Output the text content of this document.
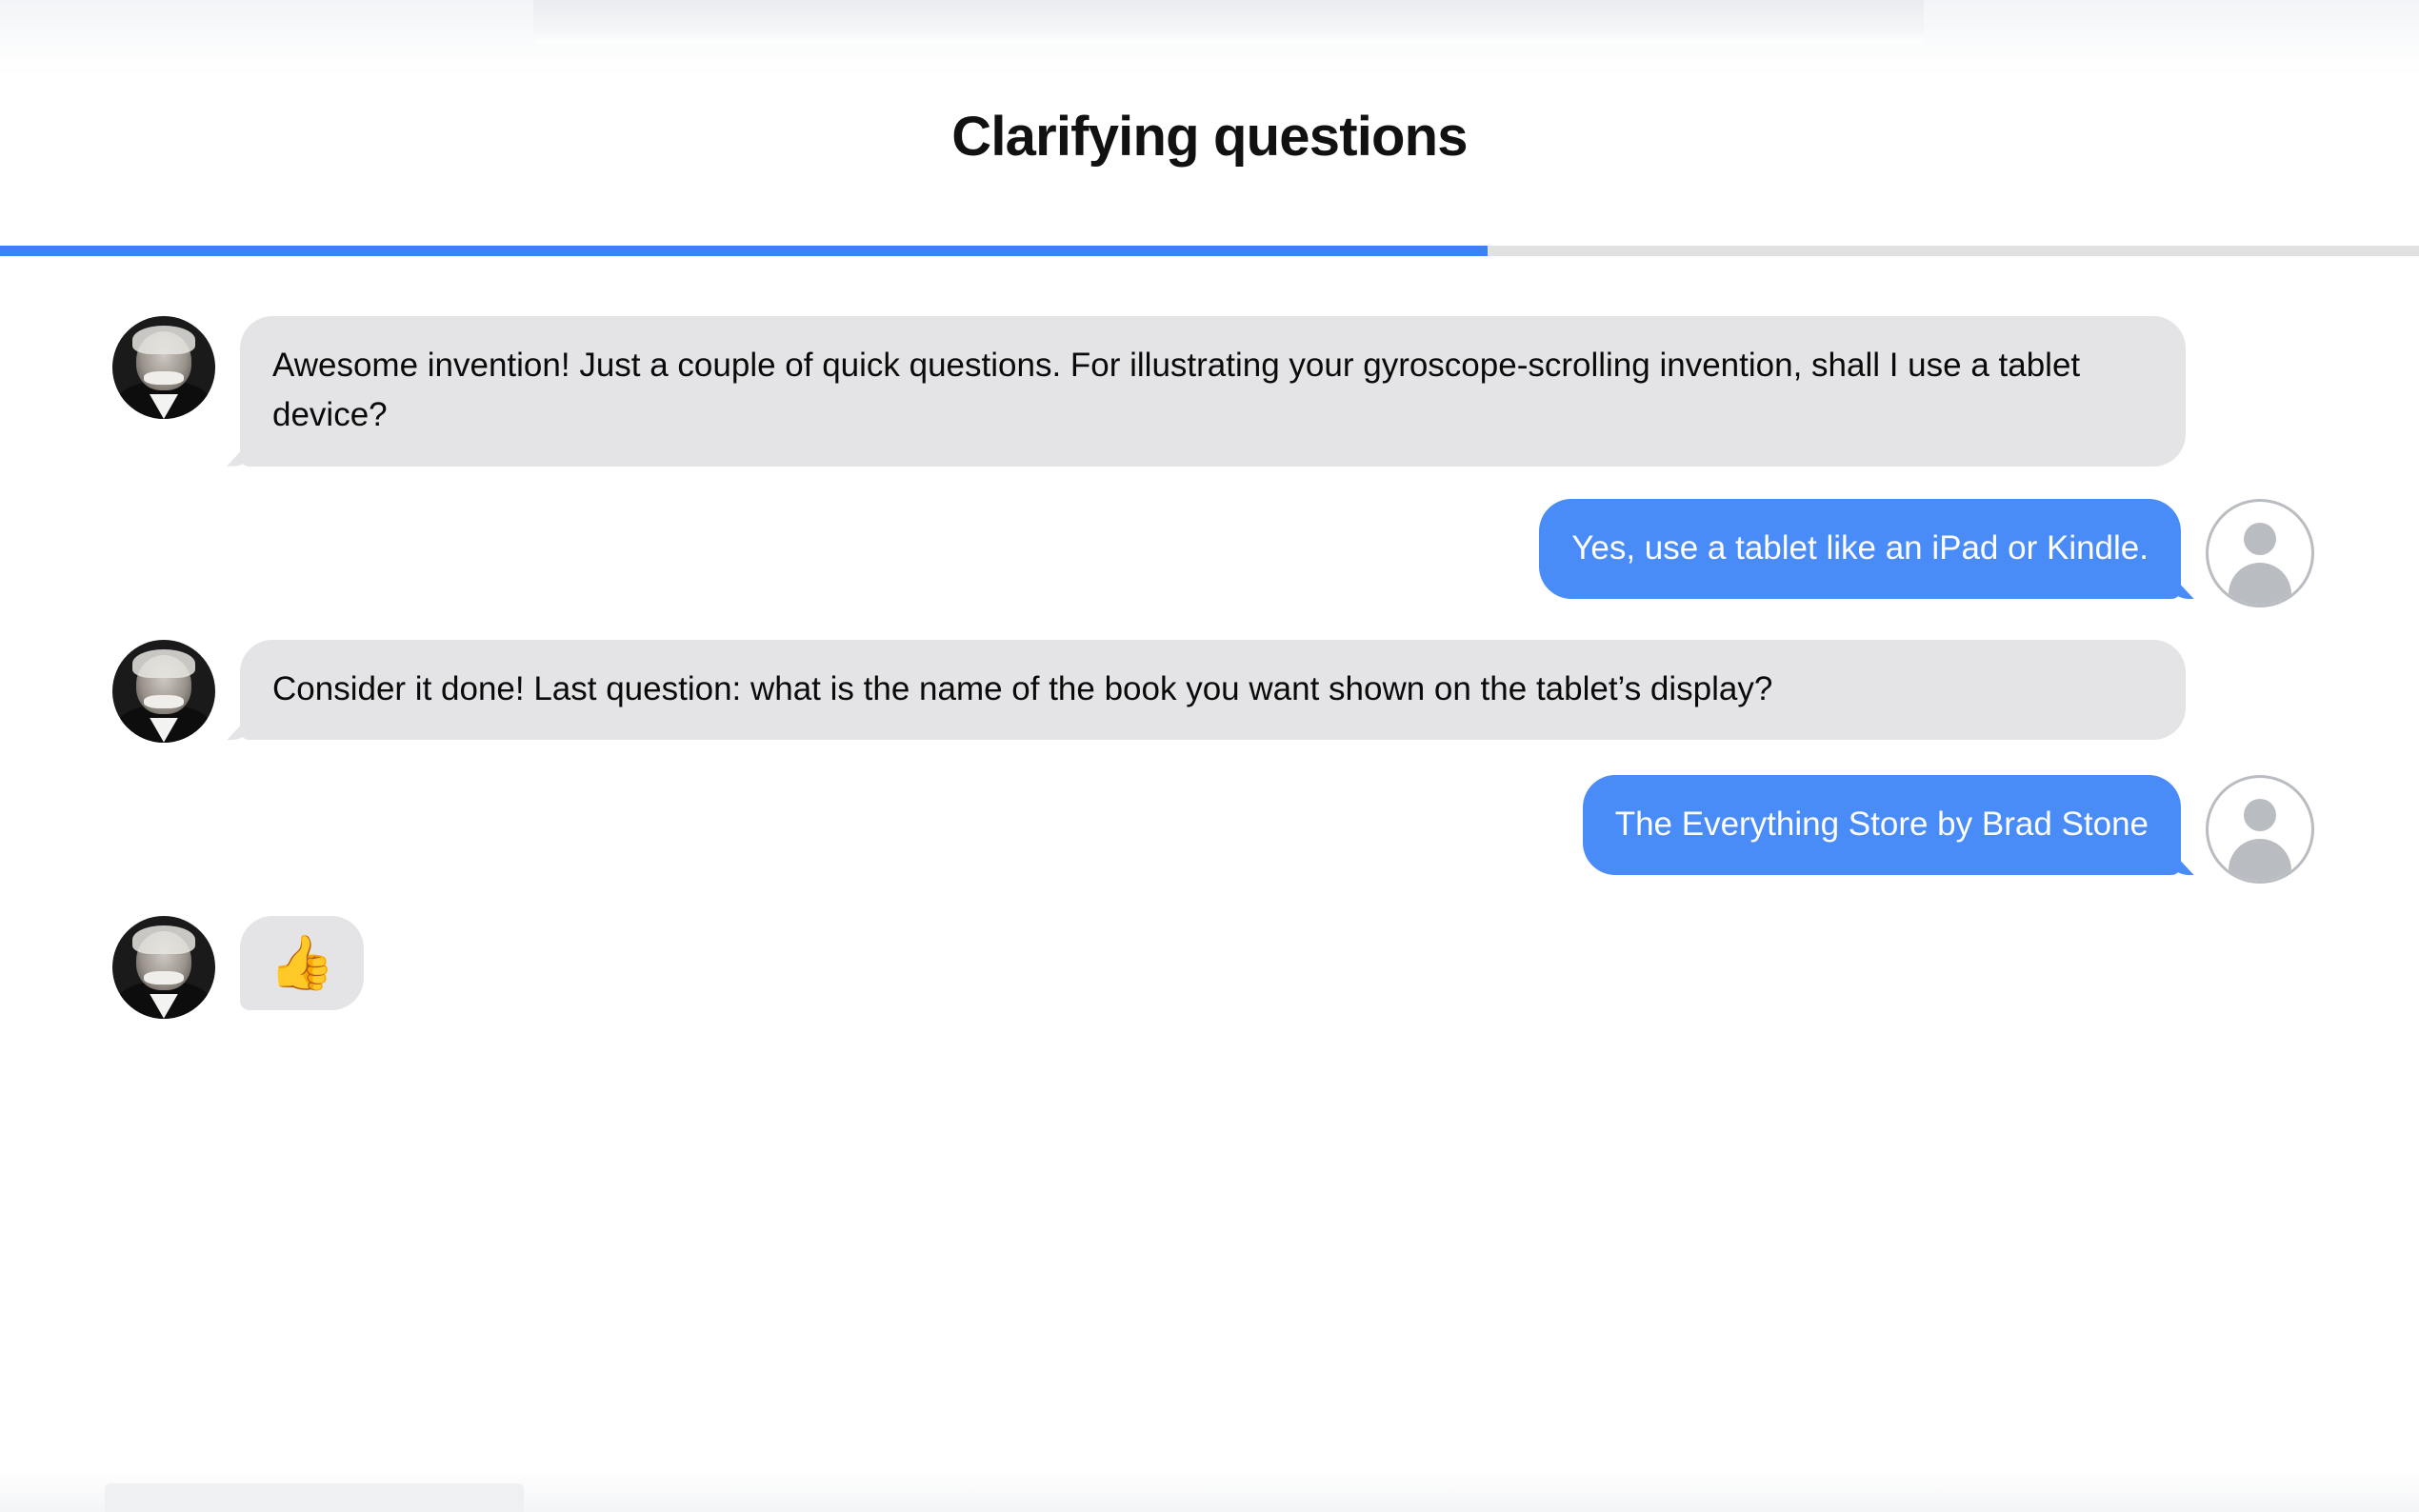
Clarifying questions
Awesome invention! Just a couple of quick questions. For illustrating your gyroscope-scrolling invention, shall I use a tablet device?
Yes, use a tablet like an iPad or Kindle.
Consider it done! Last question: what is the name of the book you want shown on the tablet’s display?
The Everything Store by Brad Stone
👍
